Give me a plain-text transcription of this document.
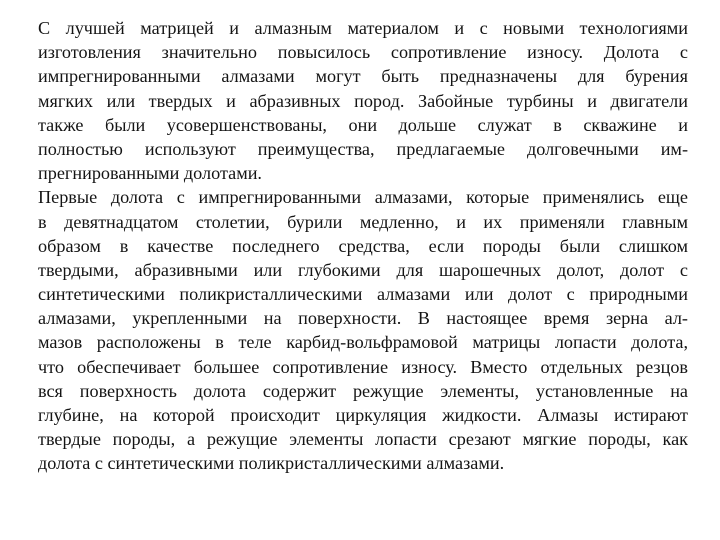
С лучшей матрицей и алмазным материалом и с новыми технологиями
изготовления значительно повысилось сопротивление износу. Долота с
импрегнированными алмазами могут быть предназначены для бурения
мягких или твердых и абразивных пород. Забойные турбины и двигатели
также были усовершенствованы, они дольше служат в скважине и
полностью используют преимущества, предлагаемые долговечными им-
прегнированными долотами.
Первые долота с импрегнированными алмазами, которые применялись еще
в девятнадцатом столетии, бурили медленно, и их применяли главным
образом в качестве последнего средства, если породы были слишком
твердыми, абразивными или глубокими для шарошечных долот, долот с
синтетическими поликристаллическими алмазами или долот с природными
алмазами, укрепленными на поверхности. В настоящее время зерна ал-
мазов расположены в теле карбид-вольфрамовой матрицы лопасти долота,
что обеспечивает большее сопротивление износу. Вместо отдельных резцов
вся поверхность долота содержит режущие элементы, установленные на
глубине, на которой происходит циркуляция жидкости. Алмазы истирают
твердые породы, а режущие элементы лопасти срезают мягкие породы, как
долота с синтетическими поликристаллическими алмазами.
